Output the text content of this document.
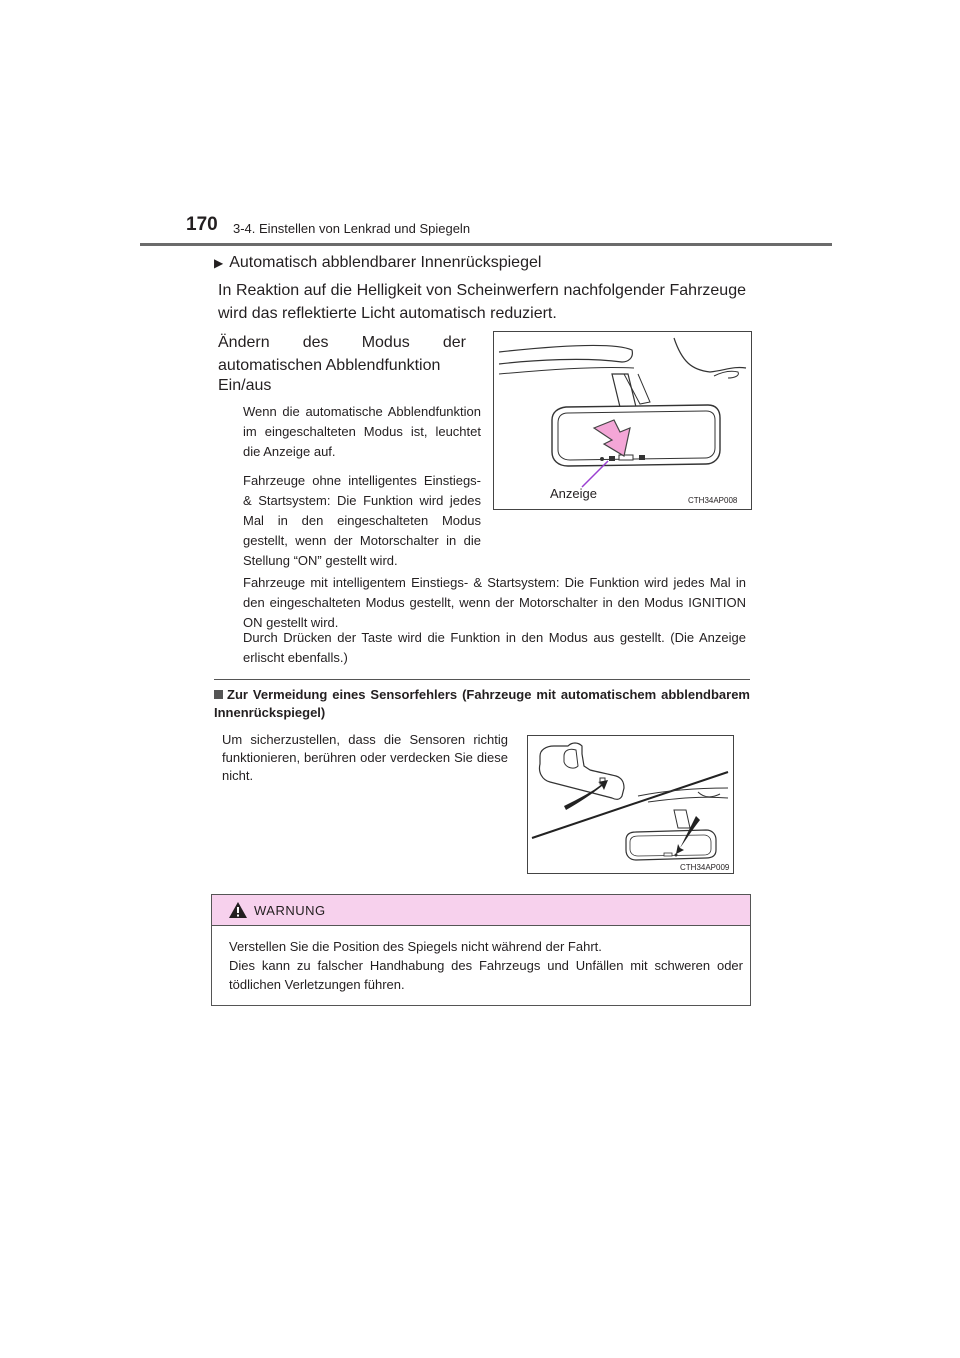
170 3-4. Einstellen von Lenkrad und Spiegeln
▶ Automatisch abblendbarer Innenrückspiegel
In Reaktion auf die Helligkeit von Scheinwerfern nachfolgender Fahrzeuge wird das reflektierte Licht automatisch reduziert.
Ändern des Modus der automatischen Abblendfunktion
Ein/aus
Wenn die automatische Abblendfunktion im eingeschalteten Modus ist, leuchtet die Anzeige auf.
Fahrzeuge ohne intelligentes Einstiegs- & Startsystem: Die Funktion wird jedes Mal in den eingeschalteten Modus gestellt, wenn der Motorschalter in die Stellung “ON” gestellt wird.
Anzeige	CTH34AP008
Fahrzeuge mit intelligentem Einstiegs- & Startsystem: Die Funktion wird jedes Mal in den eingeschalteten Modus gestellt, wenn der Motorschalter in den Modus IGNITION ON gestellt wird.
Durch Drücken der Taste wird die Funktion in den Modus aus gestellt. (Die Anzeige erlischt ebenfalls.)
Zur Vermeidung eines Sensorfehlers (Fahrzeuge mit automatischem abblendbarem Innenrückspiegel)
Um sicherzustellen, dass die Sensoren richtig funktionieren, berühren oder verdecken Sie diese nicht.
CTH34AP009
WARNUNG
Verstellen Sie die Position des Spiegels nicht während der Fahrt.
Dies kann zu falscher Handhabung des Fahrzeugs und Unfällen mit schweren oder tödlichen Verletzungen führen.
